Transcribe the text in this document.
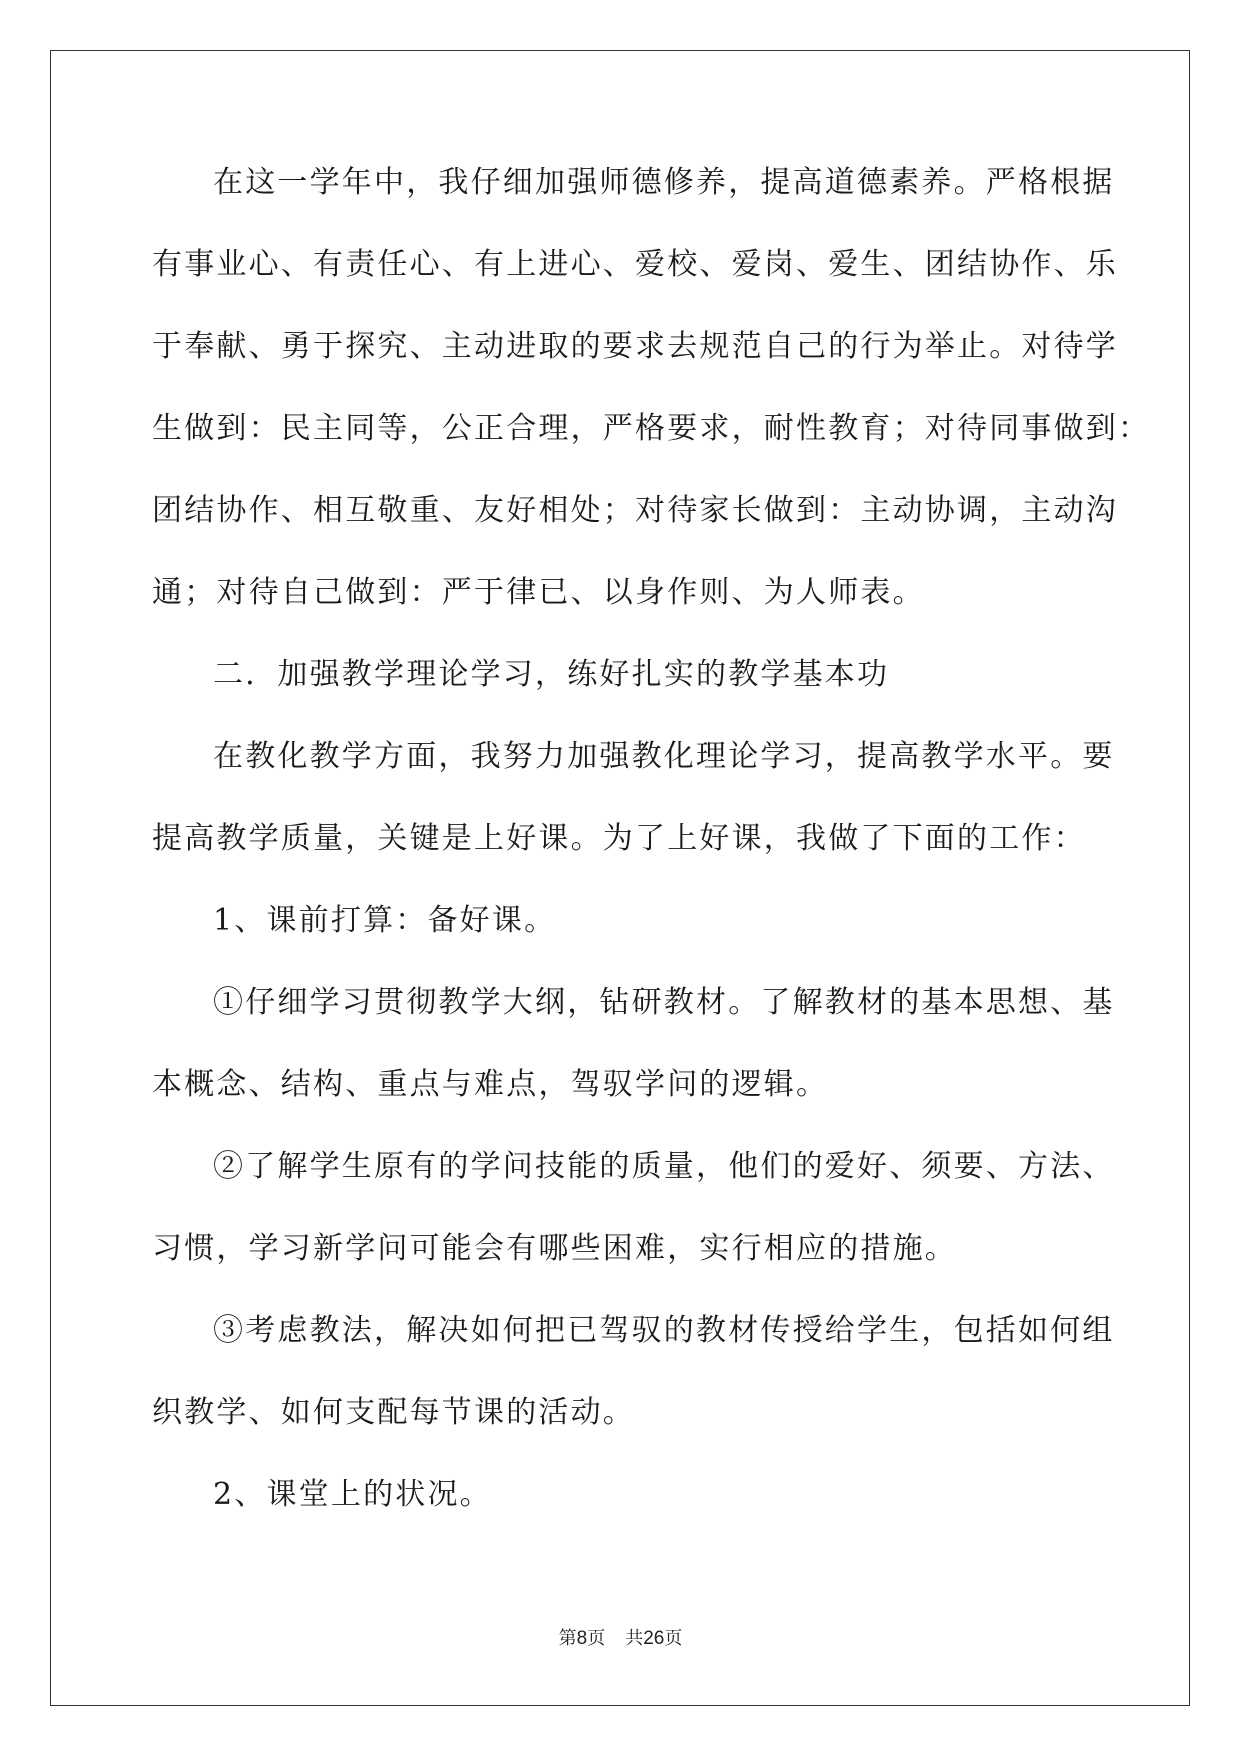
在这一学年中，我仔细加强师德修养，提高道德素养。严格根据
有事业心、有责任心、有上进心、爱校、爱岗、爱生、团结协作、乐
于奉献、勇于探究、主动进取的要求去规范自己的行为举止。对待学
生做到：民主同等，公正合理，严格要求，耐性教育；对待同事做到：
团结协作、相互敬重、友好相处；对待家长做到：主动协调，主动沟
通；对待自己做到：严于律已、以身作则、为人师表。
二．加强教学理论学习，练好扎实的教学基本功
在教化教学方面，我努力加强教化理论学习，提高教学水平。要
提高教学质量，关键是上好课。为了上好课，我做了下面的工作：
1、课前打算：备好课。
①仔细学习贯彻教学大纲，钻研教材。了解教材的基本思想、基
本概念、结构、重点与难点，驾驭学问的逻辑。
②了解学生原有的学问技能的质量，他们的爱好、须要、方法、
习惯，学习新学问可能会有哪些困难，实行相应的措施。
③考虑教法，解决如何把已驾驭的教材传授给学生，包括如何组
织教学、如何支配每节课的活动。
2、课堂上的状况。
第8页 共26页
